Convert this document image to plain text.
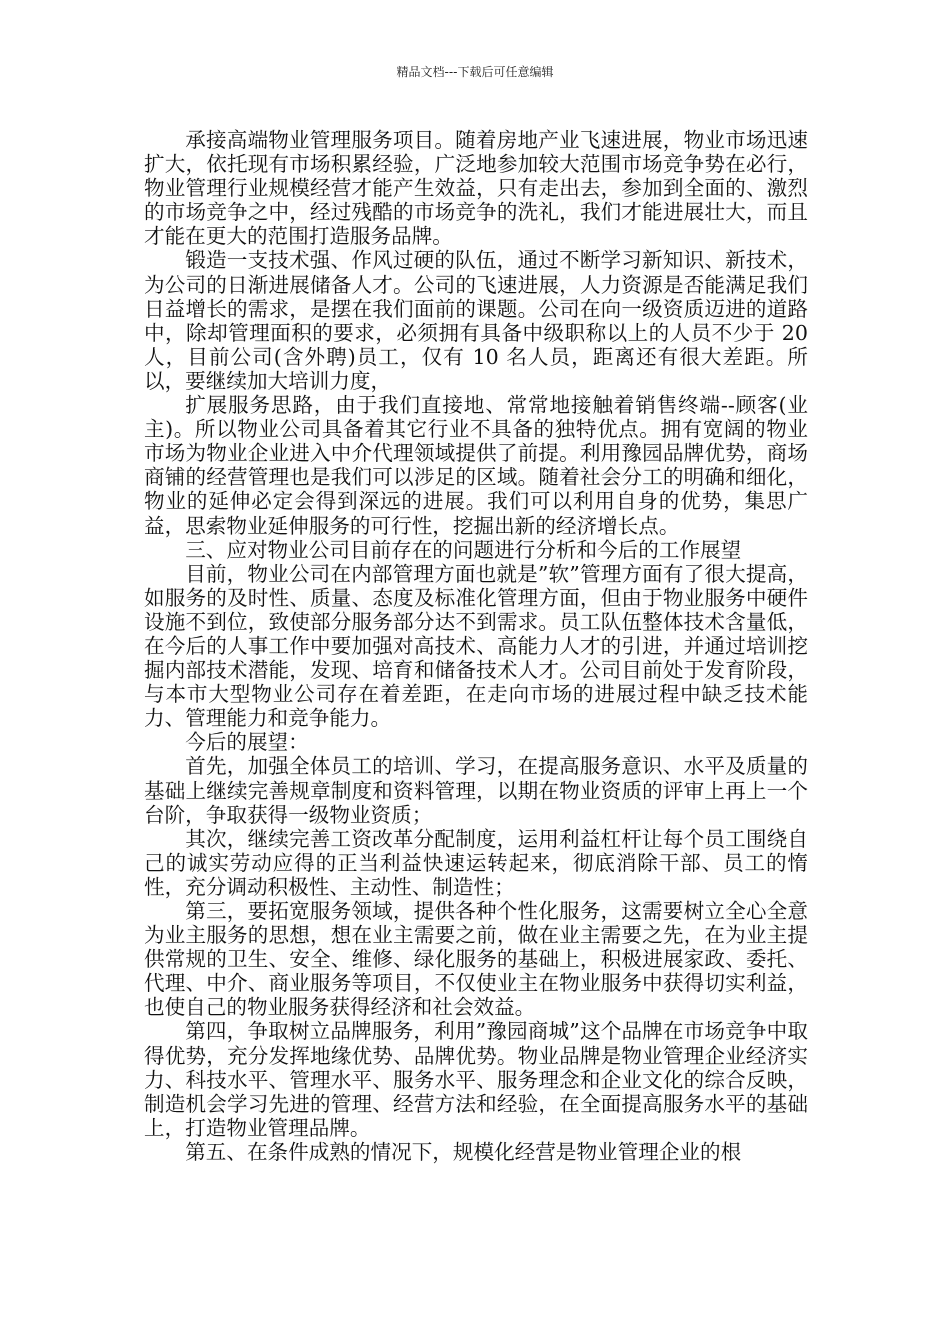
精品文档---下载后可任意编辑

承接高端物业管理服务项目。随着房地产业飞速进展，物业市场迅速扩大，依托现有市场积累经验，广泛地参加较大范围市场竞争势在必行，物业管理行业规模经营才能产生效益，只有走出去，参加到全面的、激烈的市场竞争之中，经过残酷的市场竞争的洗礼，我们才能进展壮大，而且才能在更大的范围打造服务品牌。

锻造一支技术强、作风过硬的队伍，通过不断学习新知识、新技术，为公司的日渐进展储备人才。公司的飞速进展，人力资源是否能满足我们日益增长的需求，是摆在我们面前的课题。公司在向一级资质迈进的道路中，除却管理面积的要求，必须拥有具备中级职称以上的人员不少于 20 人，目前公司(含外聘)员工，仅有 10 名人员，距离还有很大差距。所以，要继续加大培训力度，

扩展服务思路，由于我们直接地、常常地接触着销售终端--顾客(业主)。所以物业公司具备着其它行业不具备的独特优点。拥有宽阔的物业市场为物业企业进入中介代理领域提供了前提。利用豫园品牌优势，商场商铺的经营管理也是我们可以涉足的区域。随着社会分工的明确和细化，物业的延伸必定会得到深远的进展。我们可以利用自身的优势，集思广益，思索物业延伸服务的可行性，挖掘出新的经济增长点。

三、应对物业公司目前存在的问题进行分析和今后的工作展望

目前，物业公司在内部管理方面也就是”软”管理方面有了很大提高，如服务的及时性、质量、态度及标准化管理方面，但由于物业服务中硬件设施不到位，致使部分服务部分达不到需求。员工队伍整体技术含量低，在今后的人事工作中要加强对高技术、高能力人才的引进，并通过培训挖掘内部技术潜能，发现、培育和储备技术人才。公司目前处于发育阶段，与本市大型物业公司存在着差距，在走向市场的进展过程中缺乏技术能力、管理能力和竞争能力。

今后的展望：

首先，加强全体员工的培训、学习，在提高服务意识、水平及质量的基础上继续完善规章制度和资料管理，以期在物业资质的评审上再上一个台阶，争取获得一级物业资质；

其次，继续完善工资改革分配制度，运用利益杠杆让每个员工围绕自己的诚实劳动应得的正当利益快速运转起来，彻底消除干部、员工的惰性，充分调动积极性、主动性、制造性；

第三，要拓宽服务领域，提供各种个性化服务，这需要树立全心全意为业主服务的思想，想在业主需要之前，做在业主需要之先，在为业主提供常规的卫生、安全、维修、绿化服务的基础上，积极进展家政、委托、代理、中介、商业服务等项目，不仅使业主在物业服务中获得切实利益，也使自己的物业服务获得经济和社会效益。

第四，争取树立品牌服务，利用”豫园商城”这个品牌在市场竞争中取得优势，充分发挥地缘优势、品牌优势。物业品牌是物业管理企业经济实力、科技水平、管理水平、服务水平、服务理念和企业文化的综合反映，制造机会学习先进的管理、经营方法和经验，在全面提高服务水平的基础上，打造物业管理品牌。

第五、在条件成熟的情况下，规模化经营是物业管理企业的根
